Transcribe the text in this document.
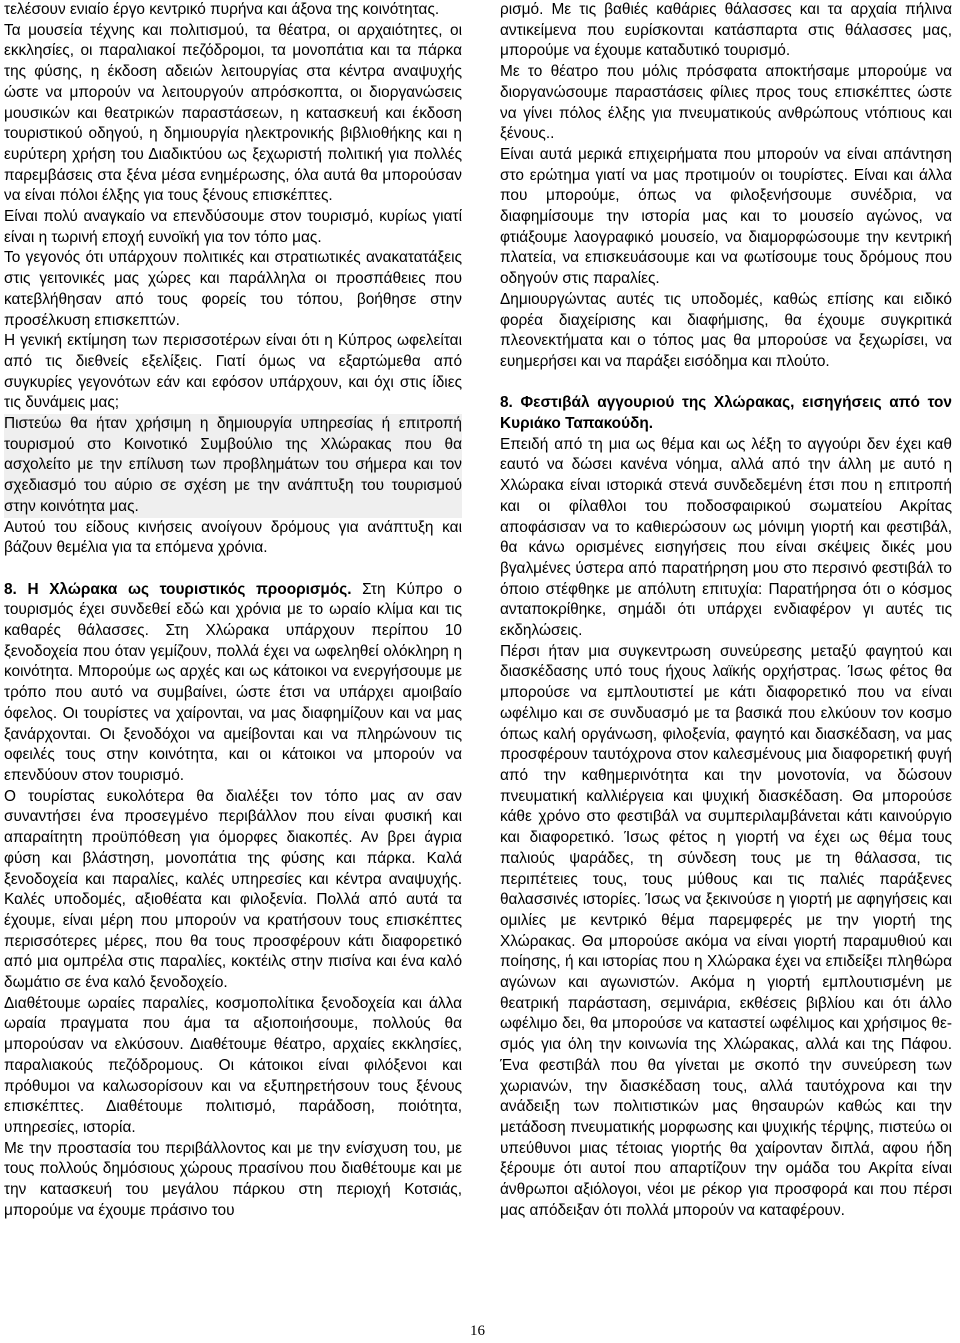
τελέσουν ενιαίο έργο κεντρικό πυρήνα και άξονα της κοινότητας.

Τα μουσεία τέχνης και πολιτισμού, τα θέατρα, οι αρχαιότητες, οι εκκλησίες, οι παραλιακοί πεζόδρομοι, τα μονοπάτια και τα πάρκα της φύσης, η έκδοση αδειών λειτουργίας στα κέντρα αναψυχής ώστε να μπορούν να λειτουργούν απρόσκοπτα, οι διοργανώσεις μουσικών και θεατρικών παραστάσεων, η κατασκευή και έκδοση τουριστικού οδηγού, η δημιουργία ηλεκτρονικής βιβλιοθήκης και η ευρύτερη χρήση του Διαδικτύου ως ξεχωριστή πολιτική για πολλές παρεμβάσεις στα ξένα μέσα ενημέρωσης, όλα αυτά θα μπορούσαν να είναι πόλοι έλξης για τους ξένους επισκέπτες.

Είναι πολύ αναγκαίο να επενδύσουμε στον τουρισμό, κυρίως γιατί είναι η τωρινή εποχή ευνοϊκή για τον τόπο μας.

Το γεγονός ότι υπάρχουν πολιτικές και στρατιωτικές ανακατατάξεις στις γειτονικές μας χώρες και παράλληλα οι προσπάθειες που κατεβλήθησαν από τους φορείς του τόπου, βοήθησε στην προσέλκυση επισκεπτών.

Η γενική εκτίμηση των περισσοτέρων είναι ότι η Κύπρος ωφελείται από τις διεθνείς εξελίξεις. Γιατί όμως να εξαρτώμεθα από συγκυρίες γεγονότων εάν και εφόσον υπάρχουν, και όχι στις ίδιες τις δυνάμεις μας;

Πιστεύω θα ήταν χρήσιμη η δημιουργία υπηρεσίας ή επιτροπή τουρισμού στο Κοινοτικό Συμβούλιο της Χλώρακας που θα ασχολείτο με την επίλυση των προβλημάτων του σήμερα και τον σχεδιασμό του αύριο σε σχέση με την ανάπτυξη του τουρισμού στην κοινότητα μας.

Αυτού του είδους κινήσεις ανοίγουν δρόμους για ανάπτυξη και βάζουν θεμέλια για τα επόμενα χρόνια.

8. Η Χλώρακα ως τουριστικός προορισμός. Στη Κύπρο ο τουρισμός έχει συνδεθεί εδώ και χρόνια με το ωραίο κλίμα και τις καθαρές θάλασσες. Στη Χλώρακα υπάρχουν περίπου 10 ξενοδοχεία που όταν γεμίζουν, πολλά έχει να ωφεληθεί ολόκληρη η κοινότητα. Μπορούμε ως αρχές και ως κάτοικοι να ενεργήσουμε με τρόπο που αυτό να συμβαίνει, ώστε έτσι να υπάρχει αμοιβαίο όφελος. Οι τουρίστες να χαίρονται, να μας διαφημίζουν και να μας ξανάρχονται. Οι ξενοδόχοι να αμείβονται και να πληρώνουν τις οφειλές τους στην κοινότητα, και οι κάτοικοι να μπορούν να επενδύουν στον τουρισμό.

Ο τουρίστας ευκολότερα θα διαλέξει τον τόπο μας αν σαν συναντήσει ένα προσεγμένο περιβάλλον που είναι φυσική και απαραίτητη προϋπόθεση για όμορφες διακοπές. Αν βρει άγρια φύση και βλάστηση, μονοπάτια της φύσης και πάρκα. Καλά ξενοδοχεία και παραλίες, καλές υπηρεσίες και κέντρα αναψυχής. Καλές υποδομές, αξιοθέατα και φιλοξενία. Πολλά από αυτά τα έχουμε, είναι μέρη που μπορούν να κρατήσουν τους επισκέπτες περισσότερες μέρες, που θα τους προσφέρουν κάτι διαφορετικό από μια ομπρέλα στις παραλίες, κοκτέιλς στην πισίνα και ένα καλό δωμάτιο σε ένα καλό ξενοδοχείο.

Διαθέτουμε ωραίες παραλίες, κοσμοπολίτικα ξενοδοχεία και άλλα ωραία πραγματα που άμα τα αξιοποιήσουμε, πολλούς θα μπορούσαν να ελκύσουν. Διαθέτουμε θέατρο, αρχαίες εκκλησίες, παραλιακούς πεζόδρομους. Οι κάτοικοι είναι φιλόξενοι και πρόθυμοι να καλωσορίσουν και να εξυπηρετήσουν τους ξένους επισκέπτες. Διαθέτουμε πολιτισμό, παράδοση, ποιότητα, υπηρεσίες, ιστορία.

Με την προστασία του περιβάλλοντος και με την ενίσχυση του, με τους πολλούς δημόσιους χώρους πρασίνου που διαθέτουμε και με την κατασκευή του μεγάλου πάρκου στη περιοχή Κοτσιάς, μπορούμε να έχουμε πράσινο του

ρισμό. Με τις βαθιές καθάριες θάλασσες και τα αρχαία πήλινα αντικείμενα που ευρίσκονται κατάσπαρτα στις θάλασσες μας, μπορούμε να έχουμε καταδυτικό τουρισμό.

Με το θέατρο που μόλις πρόσφατα αποκτήσαμε μπορούμε να διοργανώσουμε παραστάσεις φίλιες προς τους επισκέπτες ώστε να γίνει πόλος έλξης για πνευματικούς ανθρώπους ντόπιους και ξένους..

Είναι αυτά μερικά επιχειρήματα που μπορούν να είναι απάντηση στο ερώτημα γιατί να μας προτιμούν οι τουρίστες. Είναι και άλλα που μπορούμε, όπως να φιλοξενήσουμε συνέδρια, να διαφημίσουμε την ιστορία μας και το μουσείο αγώνος, να φτιάξουμε λαογραφικό μουσείο, να διαμορφώσουμε την κεντρική πλατεία, να επισκευάσουμε και να φωτίσουμε τους δρόμους που οδηγούν στις παραλίες.

Δημιουργώντας αυτές τις υποδομές, καθώς επίσης και ειδικό φορέα διαχείρισης και διαφήμισης, θα έχουμε συγκριτικά πλεονεκτήματα και ο τόπος μας θα μπορούσε να ξεχωρίσει, να ευημερήσει και να παράξει εισόδημα και πλούτο.

8. Φεστιβάλ αγγουριού της Χλώρακας, εισηγήσεις από τον Κυριάκο Ταπακούδη.

Επειδή από τη μια ως θέμα και ως λέξη το αγγούρι δεν έχει καθ εαυτό να δώσει κανένα νόημα, αλλά από την άλλη με αυτό η Χλώρακα είναι ιστορικά στενά συνδεδεμένη έτσι που η επιτροπή και οι φίλαθλοι του ποδοσφαιρικού σωματείου Ακρίτας αποφάσισαν να το καθιερώσουν ως μόνιμη γιορτή και φεστιβάλ, θα κάνω ορισμένες εισηγήσεις που είναι σκέψεις δικές μου βγαλμένες ύστερα από παρατήρηση μου στο περσινό φεστιβάλ το όποιο στέφθηκε με απόλυτη επιτυχία: Παρατήρησα ότι ο κόσμος ανταποκρίθηκε, σημάδι ότι υπάρχει ενδιαφέρον γι αυτές τις εκδηλώσεις.

Πέρσι ήταν μια συγκεντρωση συνεύρεσης μεταξύ φαγητού και διασκέδασης υπό τους ήχους λαϊκής ορχήστρας. Ίσως φέτος θα μπορούσε να εμπλουτιστεί με κάτι διαφορετικό που να είναι ωφέλιμο και σε συνδυασμό με τα βασικά που ελκύουν τον κοσμο όπως καλή οργάνωση, φιλοξενία, φαγητό και διασκέδαση, να μας προσφέρουν ταυτόχρονα στον καλεσμένους μια διαφορετική φυγή από την καθημερινότητα και την μονοτονία, να δώσουν πνευματική καλλιέργεια και ψυχική διασκέδαση. Θα μπορούσε κάθε χρόνο στο φεστιβάλ να συμπεριλαμβάνεται κάτι καινούργιο και διαφορετικό. Ίσως φέτος η γιορτή να έχει ως θέμα τους παλιούς ψαράδες, τη σύνδεση τους με τη θάλασσα, τις περιπέτειες τους, τους μύθους και τις παλιές παράξενες θαλασσινές ιστορίες. Ίσως να ξεκινούσε η γιορτή με αφηγήσεις και ομιλίες με κεντρικό θέμα παρεμφερές με την γιορτή της Χλώρακας. Θα μπορούσε ακόμα να είναι γιορτή παραμυθιού και ποίησης, ή και ιστορίας που η Χλώρακα έχει να επιδείξει πληθώρα αγώνων και αγωνιστών. Ακόμα η γιορτή εμπλουτισμένη με θεατρική παράσταση, σεμινάρια, εκθέσεις βιβλίου και ότι άλλο ωφέλιμο δει, θα μπορούσε να καταστεί ωφέλιμος και χρήσιμος θεσμός για όλη την κοινωνία της Χλώρακας, αλλά και της Πάφου. Ένα φεστιβάλ που θα γίνεται με σκοπό την συνεύρεση των χωριανών, την διασκέδαση τους, αλλά ταυτόχρονα και την ανάδειξη των πολιτιστικών μας θησαυρών καθώς και την μετάδοση πνευματικής μορφωσης και ψυχικής τέρψης, πιστεύω οι υπεύθυνοι μιας τέτοιας γιορτής θα χαίρονταν διπλά, αφου ήδη ξέρουμε ότι αυτοί που απαρτίζουν την ομάδα του Ακρίτα είναι άνθρωποι αξιόλογοι, νέοι με ρέκορ για προσφορά και που πέρσι μας απόδειξαν ότι πολλά μπορούν να καταφέρουν.

16
